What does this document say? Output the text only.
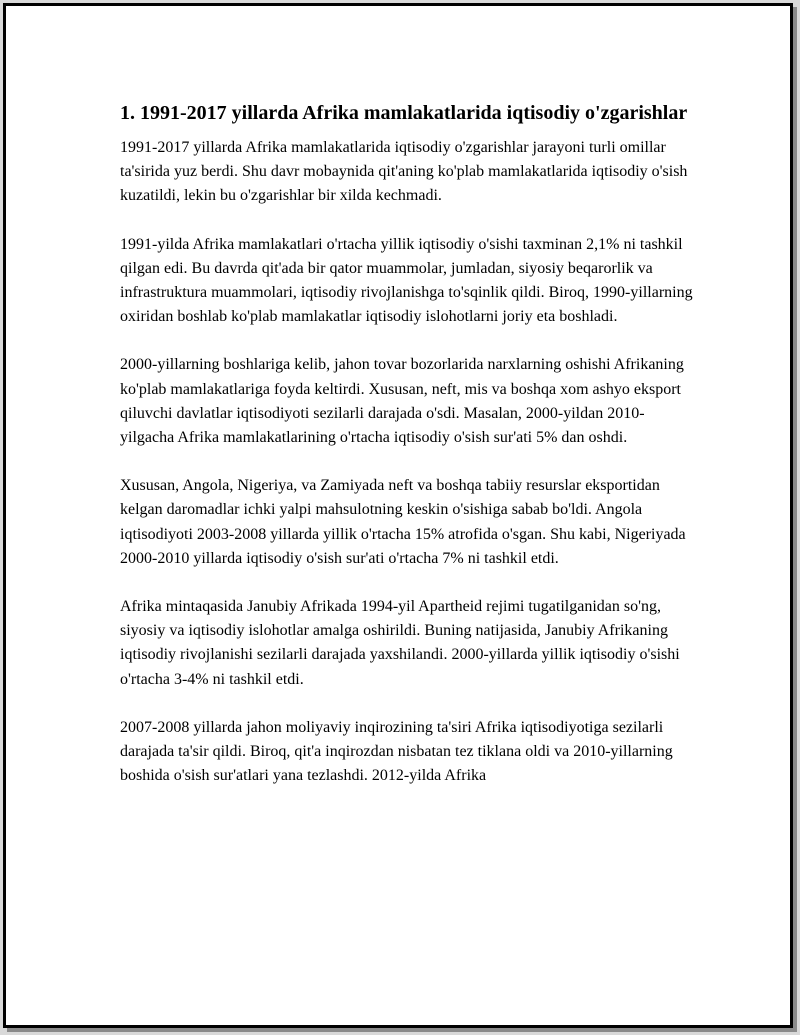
1. 1991-2017 yillarda Afrika mamlakatlarida iqtisodiy o'zgarishlar

1991-2017 yillarda Afrika mamlakatlarida iqtisodiy o'zgarishlar jarayoni turli omillar ta'sirida yuz berdi. Shu davr mobaynida qit'aning ko'plab mamlakatlarida iqtisodiy o'sish kuzatildi, lekin bu o'zgarishlar bir xilda kechmadi.

1991-yilda Afrika mamlakatlari o'rtacha yillik iqtisodiy o'sishi taxminan 2,1% ni tashkil qilgan edi. Bu davrda qit'ada bir qator muammolar, jumladan, siyosiy beqarorlik va infrastruktura muammolari, iqtisodiy rivojlanishga to'sqinlik qildi. Biroq, 1990-yillarning oxiridan boshlab ko'plab mamlakatlar iqtisodiy islohotlarni joriy eta boshladi.

2000-yillarning boshlariga kelib, jahon tovar bozorlarida narxlarning oshishi Afrikaning ko'plab mamlakatlariga foyda keltirdi. Xususan, neft, mis va boshqa xom ashyo eksport qiluvchi davlatlar iqtisodiyoti sezilarli darajada o'sdi. Masalan, 2000-yildan 2010-yilgacha Afrika mamlakatlarining o'rtacha iqtisodiy o'sish sur'ati 5% dan oshdi.

Xususan, Angola, Nigeriya, va Zamiyada neft va boshqa tabiiy resurslar eksportidan kelgan daromadlar ichki yalpi mahsulotning keskin o'sishiga sabab bo'ldi. Angola iqtisodiyoti 2003-2008 yillarda yillik o'rtacha 15% atrofida o'sgan. Shu kabi, Nigeriyada 2000-2010 yillarda iqtisodiy o'sish sur'ati o'rtacha 7% ni tashkil etdi.

Afrika mintaqasida Janubiy Afrikada 1994-yil Apartheid rejimi tugatilganidan so'ng, siyosiy va iqtisodiy islohotlar amalga oshirildi. Buning natijasida, Janubiy Afrikaning iqtisodiy rivojlanishi sezilarli darajada yaxshilandi. 2000-yillarda yillik iqtisodiy o'sishi o'rtacha 3-4% ni tashkil etdi.

2007-2008 yillarda jahon moliyaviy inqirozining ta'siri Afrika iqtisodiyotiga sezilarli darajada ta'sir qildi. Biroq, qit'a inqirozdan nisbatan tez tiklana oldi va 2010-yillarning boshida o'sish sur'atlari yana tezlashdi. 2012-yilda Afrika
